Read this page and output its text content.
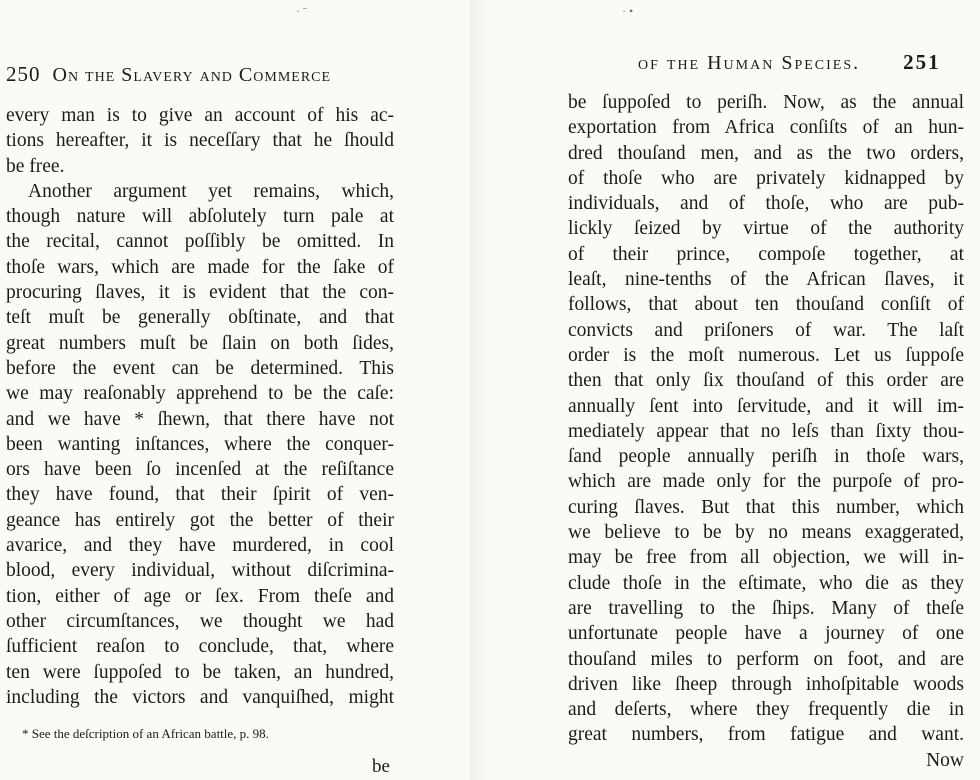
· ˉ	· •
250 On the Slavery and Commerce
every man is to give an account of his ac-
tions hereafter, it is neceſſary that he ſhould
be free.
Another argument yet remains, which,
though nature will abſolutely turn pale at
the recital, cannot poſſibly be omitted. In
thoſe wars, which are made for the ſake of
procuring ſlaves, it is evident that the con-
teſt muſt be generally obſtinate, and that
great numbers muſt be ſlain on both ſides,
before the event can be determined. This
we may reaſonably apprehend to be the caſe:
and we have * ſhewn, that there have not
been wanting inſtances, where the conquer-
ors have been ſo incenſed at the reſiſtance
they have found, that their ſpirit of ven-
geance has entirely got the better of their
avarice, and they have murdered, in cool
blood, every individual, without diſcrimina-
tion, either of age or ſex. From theſe and
other circumſtances, we thought we had
ſufficient reaſon to conclude, that, where
ten were ſuppoſed to be taken, an hundred,
including the victors and vanquiſhed, might
* See the deſcription of an African battle, p. 98.
be
of the Human Species. 251
be ſuppoſed to periſh. Now, as the annual
exportation from Africa conſiſts of an hun-
dred thouſand men, and as the two orders,
of thoſe who are privately kidnapped by
individuals, and of thoſe, who are pub-
lickly ſeized by virtue of the authority
of their prince, compoſe together, at
leaſt, nine-tenths of the African ſlaves, it
follows, that about ten thouſand conſiſt of
convicts and priſoners of war. The laſt
order is the moſt numerous. Let us ſuppoſe
then that only ſix thouſand of this order are
annually ſent into ſervitude, and it will im-
mediately appear that no leſs than ſixty thou-
ſand people annually periſh in thoſe wars,
which are made only for the purpoſe of pro-
curing ſlaves. But that this number, which
we believe to be by no means exaggerated,
may be free from all objection, we will in-
clude thoſe in the eſtimate, who die as they
are travelling to the ſhips. Many of theſe
unfortunate people have a journey of one
thouſand miles to perform on foot, and are
driven like ſheep through inhoſpitable woods
and deſerts, where they frequently die in
great numbers, from fatigue and want.
Now
